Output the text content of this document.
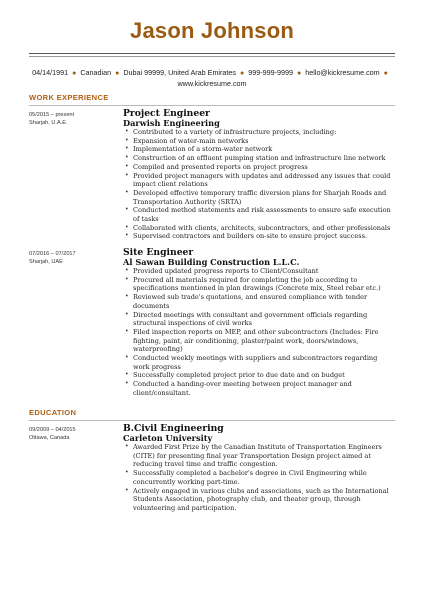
Jason Johnson
04/14/1991 ● Canadian ● Dubai 99999, United Arab Emirates ● 999-999-9999 ● hello@kickresume.com ●
www.kickresume.com
WORK EXPERIENCE
05/2015 – present
Sharjah, U.A.E.
Project Engineer
Darwish Engineering
• Contributed to a variety of infrastructure projects, including:
• Expansion of water-main networks
• Implementation of a storm-water network
• Construction of an effluent pumping station and infrastructure line network
• Compiled and presented reports on project progress
• Provided project managers with updates and addressed any issues that could impact client relations
• Developed effective temporary traffic diversion plans for Sharjah Roads and Transportation Authority (SRTA)
• Conducted method statements and risk assessments to ensure safe execution of tasks
• Collaborated with clients, architects, subcontractors, and other professionals
• Supervised contractors and builders on-site to ensure project success.
07/2016 – 07/2017
Sharjah, UAE
Site Engineer
Al Sawan Building Construction L.L.C.
• Provided updated progress reports to Client/Consultant
• Procured all materials required for completing the job according to specifications mentioned in plan drawings (Concrete mix, Steel rebar etc.)
• Reviewed sub trade's quotations, and ensured compliance with tender documents
• Directed meetings with consultant and government officials regarding structural inspections of civil works
• Filed inspection reports on MEP, and other subcontractors (Includes: Fire fighting, paint, air conditioning, plaster/paint work, doors/windows, waterproofing)
• Conducted weekly meetings with suppliers and subcontractors regarding work progress
• Successfully completed project prior to due date and on budget
• Conducted a handing-over meeting between project manager and client/consultant.
EDUCATION
09/2009 – 04/2015
Ottawa, Canada
B.Civil Engineering
Carleton University
• Awarded First Prize by the Canadian Institute of Transportation Engineers (CITE) for presenting final year Transportation Design project aimed at reducing travel time and traffic congestion.
• Successfully completed a bachelor's degree in Civil Engineering while concurrently working part-time.
• Actively engaged in various clubs and associations, such as the International Students Association, photography club, and theater group, through volunteering and participation.
